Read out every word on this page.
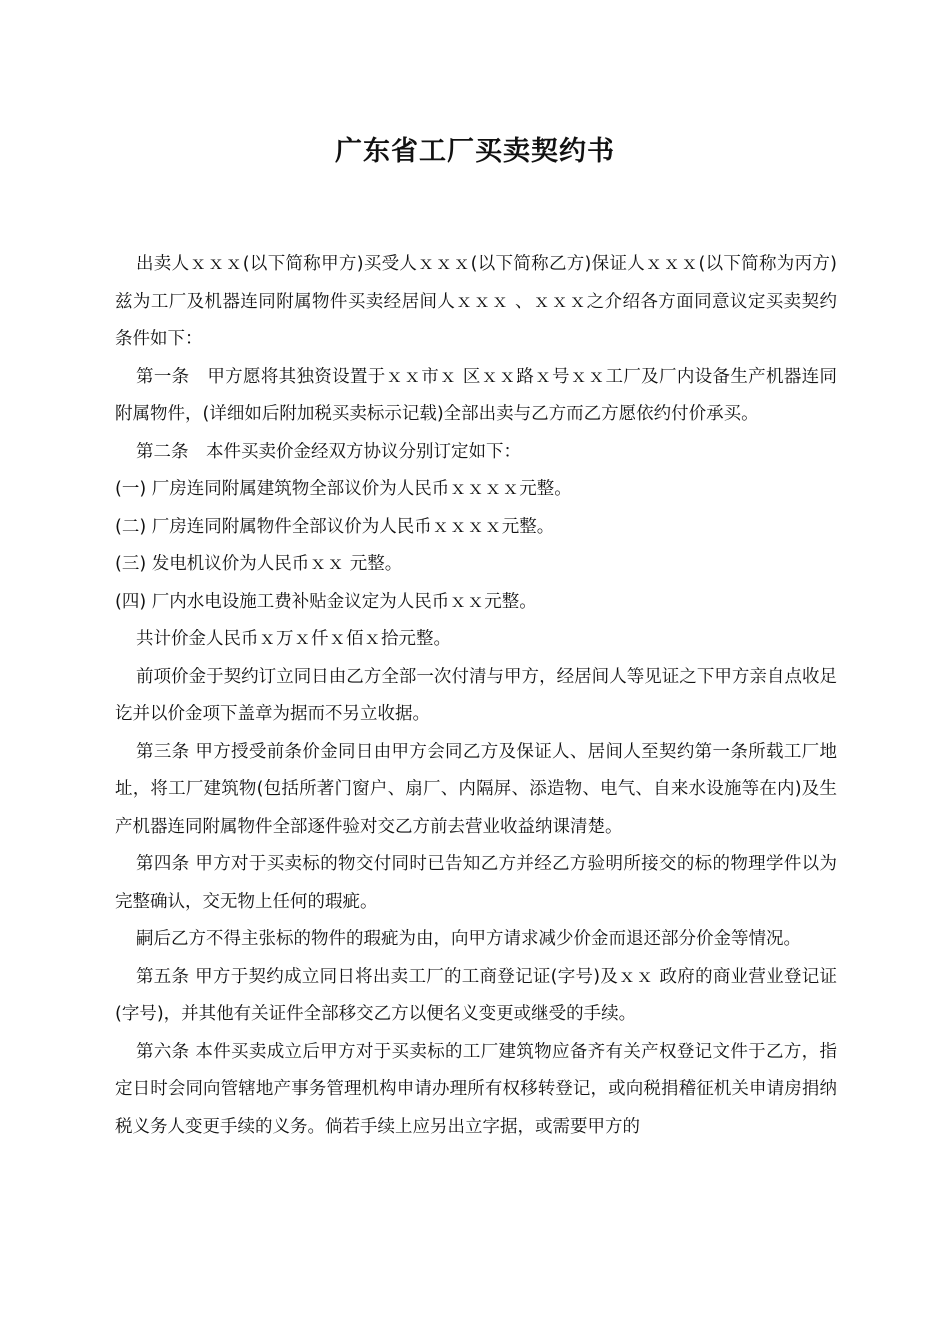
广东省工厂买卖契约书

出卖人ｘｘｘ(以下简称甲方)买受人ｘｘｘ(以下简称乙方)保证人ｘｘｘ(以下简称为丙方)兹为工厂及机器连同附属物件买卖经居间人ｘｘｘ 、ｘｘｘ之介绍各方面同意议定买卖契约条件如下：

第一条　甲方愿将其独资设置于ｘｘ市ｘ 区ｘｘ路ｘ号ｘｘ工厂及厂内设备生产机器连同附属物件，(详细如后附加税买卖标示记载)全部出卖与乙方而乙方愿依约付价承买。

第二条　本件买卖价金经双方协议分别订定如下：

(一) 厂房连同附属建筑物全部议价为人民币ｘｘｘｘ元整。

(二) 厂房连同附属物件全部议价为人民币ｘｘｘｘ元整。

(三) 发电机议价为人民币ｘｘ 元整。

(四) 厂内水电设施工费补贴金议定为人民币ｘｘ元整。

共计价金人民币ｘ万ｘ仟ｘ佰ｘ拾元整。

前项价金于契约订立同日由乙方全部一次付清与甲方，经居间人等见证之下甲方亲自点收足讫并以价金项下盖章为据而不另立收据。

第三条 甲方授受前条价金同日由甲方会同乙方及保证人、居间人至契约第一条所载工厂地址，将工厂建筑物(包括所著门窗户、扇厂、内隔屏、添造物、电气、自来水设施等在内)及生产机器连同附属物件全部逐件验对交乙方前去营业收益纳课清楚。

第四条 甲方对于买卖标的物交付同时已告知乙方并经乙方验明所接交的标的物理学件以为完整确认，交无物上任何的瑕疵。

嗣后乙方不得主张标的物件的瑕疵为由，向甲方请求减少价金而退还部分价金等情况。

第五条 甲方于契约成立同日将出卖工厂的工商登记证(字号)及ｘｘ 政府的商业营业登记证(字号)，并其他有关证件全部移交乙方以便名义变更或继受的手续。

第六条 本件买卖成立后甲方对于买卖标的工厂建筑物应备齐有关产权登记文件于乙方，指定日时会同向管辖地产事务管理机构申请办理所有权移转登记，或向税捐稽征机关申请房捐纳税义务人变更手续的义务。倘若手续上应另出立字据，或需要甲方的
